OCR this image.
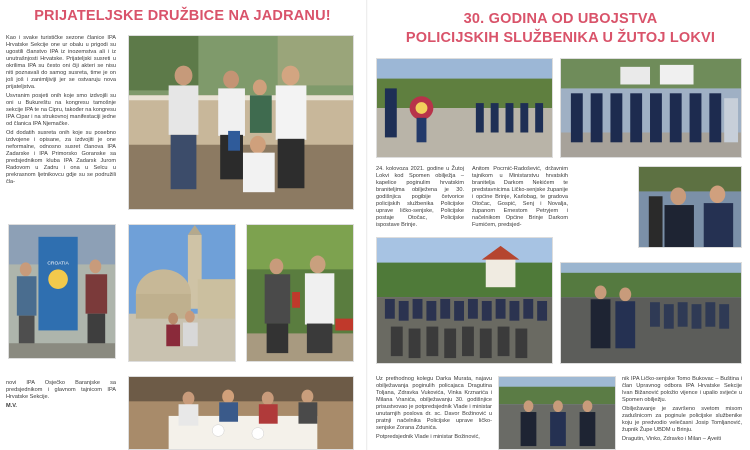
PRIJATELJSKE DRUŽBICE NA JADRANU!

Kao i svake turističke sezone članice IPA Hrvatske Sekcije one ur obalu u prigodi su ugostili članstvo IPA iz inozemstva ali i iz unutrašnjosti Hrvatske. Prijateljski susreti u okrilima IPA su često oni čiji akteri se nisu niti poznavali do samog susreta, time je on još još i zanimljiviji jer se ostvaruju nova prijateljstva.

Usvranim posjeti onih koje smo izdvojili su oni u Bukureštu na kongresu tamošnje sekcije IPA te na Cipru, također na kongresu IPA Cipar i na strukovnoj manifestaciji jedne od članica IPA Njemačke.

Od dodatih susreta onih koje su posebno izdvojene i opisane, za izdvojiti je one neformalne, odnosno susret članova IPA Zadarske i IPA Primorsko Goranske sa predsjednikom kluba IPA Zadarsk Jurom Radovom u Zadru i ona u Selcu u prekrasnom ljetnikovcu gdje su se podružili čla-

CROATIA

novi IPA Osječko Baranjske sa predsjednikom i glavnom tajnicom IPA Hrvatske Sekcije.

M.V.

30. GODINA OD UBOJSTVA
POLICIJSKIH SLUŽBENIKA U ŽUTOJ LOKVI

24. kolovoza 2021. godine u Žutoj Lokvi kod Spomen obilježja – kapelice poginulim hrvatskim braniteljima obilježena je 30. godišnjica pogibije četvorice policijskih službenika Policijske uprave ličko-senjske, Policijske postaje Otočac, Policijske ispostave Brinje.

Anitom Pocrnić-Radošević, državnim tajnikom u Ministarstvu hrvatskih branitelja Darkom Nekićem te predstavnicima Ličko-senjske županije i općine Brinje, Karlobag, te gradova Otočac, Gospić, Senj i Novalja, županom Ernestom Petryjem i načelnikom Općine Brinje Darkom Fumićem, predsjed-

Uz prethodnog kolegu Darka Murata, najavu obilježavanja poginulih policajaca Dragutina Toljana, Zdravka Vukovića, Vinka Krznarića i Milana Vranića, obilježavanju 30. godišnjice prisustvovao je potpredsjednik Vlade i ministar unutarnjih poslova dr. sc. Davor Božinović u pratnji načelnika Policijske uprave ličko-senjske Zorana Zdunića.

Potpredsjednik Vlade i ministar Božinović,

nik IPA Ličko-senjske Tomo Bukovac – Buština i član Upravnog odbora IPA Hrvatske Sekcije Ivan Bižanović položio vijence i upalio svijeće u Spomen obilježju.

Obilježavanje je završeno svetom misom zadušnicom za poginule policijske službenike koju je predvodio velečasni Josip Tomljanović, župnik Župe UBDM u Brinju.

Dragutin, Vinko, Zdravko i Milan – Ąveiti
